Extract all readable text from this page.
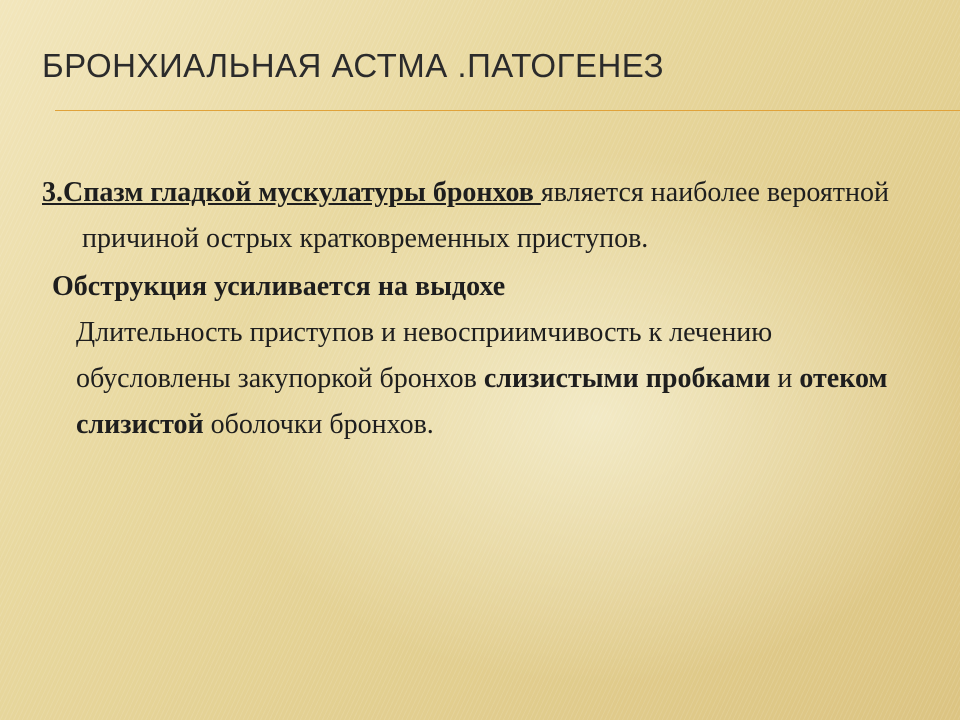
БРОНХИАЛЬНАЯ АСТМА .ПАТОГЕНЕЗ

3.Спазм гладкой мускулатуры бронхов является наиболее вероятной причиной острых кратковременных приступов.

Обструкция усиливается на выдохе

Длительность приступов и невосприимчивость к лечению обусловлены закупоркой бронхов слизистыми пробками и отеком слизистой оболочки бронхов.
